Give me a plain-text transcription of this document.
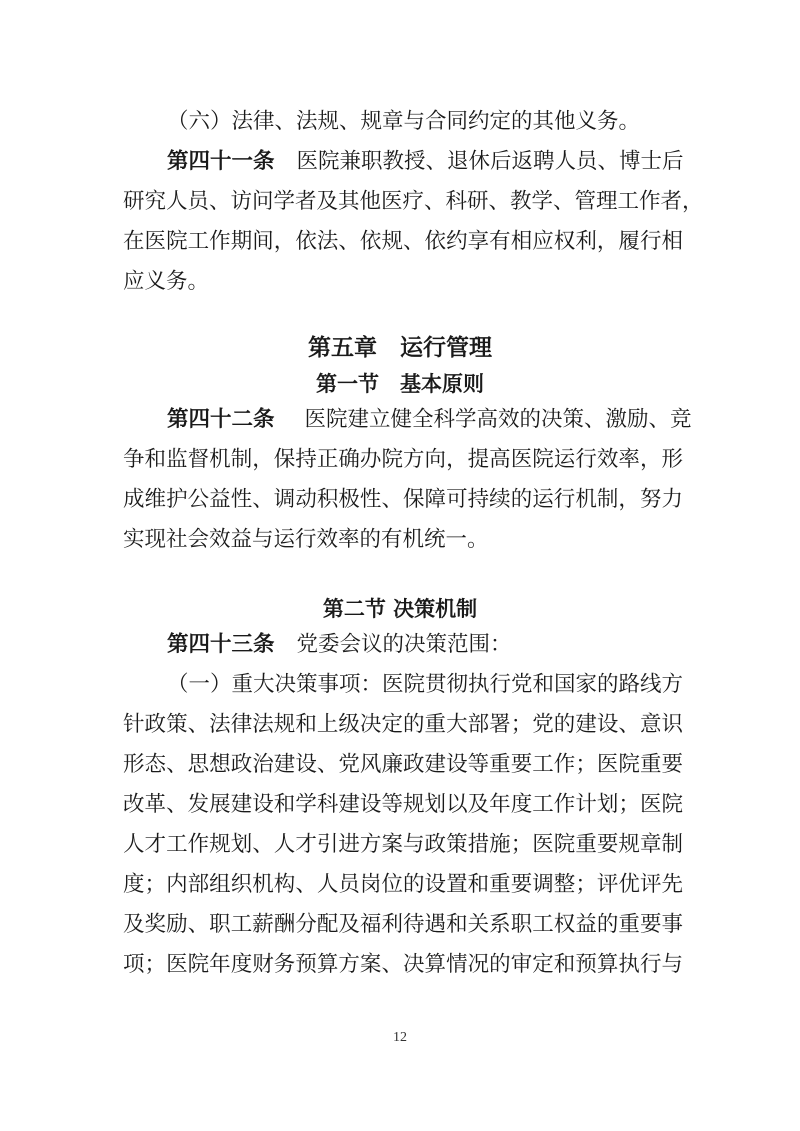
（六）法律、法规、规章与合同约定的其他义务。
第四十一条 医院兼职教授、退休后返聘人员、博士后
研究人员、访问学者及其他医疗、科研、教学、管理工作者，
在医院工作期间，依法、依规、依约享有相应权利，履行相
应义务。
第五章　运行管理
第一节　基本原则
第四十二条 医院建立健全科学高效的决策、激励、竞
争和监督机制，保持正确办院方向，提高医院运行效率，形
成维护公益性、调动积极性、保障可持续的运行机制，努力
实现社会效益与运行效率的有机统一。
第二节 决策机制
第四十三条 党委会议的决策范围：
（一）重大决策事项：医院贯彻执行党和国家的路线方
针政策、法律法规和上级决定的重大部署；党的建设、意识
形态、思想政治建设、党风廉政建设等重要工作；医院重要
改革、发展建设和学科建设等规划以及年度工作计划；医院
人才工作规划、人才引进方案与政策措施；医院重要规章制
度；内部组织机构、人员岗位的设置和重要调整；评优评先
及奖励、职工薪酬分配及福利待遇和关系职工权益的重要事
项；医院年度财务预算方案、决算情况的审定和预算执行与
12
